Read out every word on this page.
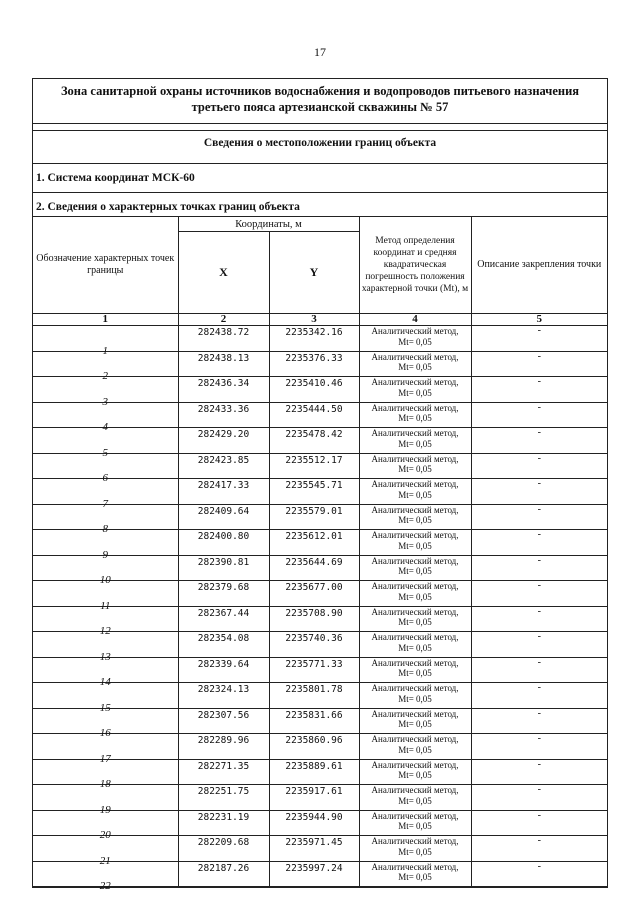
17
Зона санитарной охраны источников водоснабжения и водопроводов питьевого назначения третьего пояса артезианской скважины № 57
Сведения о местоположении границ объекта
1. Система координат МСК-60
2. Сведения о характерных точках границ объекта
Обозначение характерных точек границы	Координаты, м		Метод определения координат и средняя квадратическая погрешность положения характерной точки (Mt), м	Описание закрепления точки
	X	Y		
1	2	3	4	5
1	282438.72	2235342.16	Аналитический метод,
Mt= 0,05	-
2	282438.13	2235376.33	Аналитический метод,
Mt= 0,05	-
3	282436.34	2235410.46	Аналитический метод,
Mt= 0,05	-
4	282433.36	2235444.50	Аналитический метод,
Mt= 0,05	-
5	282429.20	2235478.42	Аналитический метод,
Mt= 0,05	-
6	282423.85	2235512.17	Аналитический метод,
Mt= 0,05	-
7	282417.33	2235545.71	Аналитический метод,
Mt= 0,05	-
8	282409.64	2235579.01	Аналитический метод,
Mt= 0,05	-
9	282400.80	2235612.01	Аналитический метод,
Mt= 0,05	-
10	282390.81	2235644.69	Аналитический метод,
Mt= 0,05	-
11	282379.68	2235677.00	Аналитический метод,
Mt= 0,05	-
12	282367.44	2235708.90	Аналитический метод,
Mt= 0,05	-
13	282354.08	2235740.36	Аналитический метод,
Mt= 0,05	-
14	282339.64	2235771.33	Аналитический метод,
Mt= 0,05	-
15	282324.13	2235801.78	Аналитический метод,
Mt= 0,05	-
16	282307.56	2235831.66	Аналитический метод,
Mt= 0,05	-
17	282289.96	2235860.96	Аналитический метод,
Mt= 0,05	-
18	282271.35	2235889.61	Аналитический метод,
Mt= 0,05	-
19	282251.75	2235917.61	Аналитический метод,
Mt= 0,05	-
20	282231.19	2235944.90	Аналитический метод,
Mt= 0,05	-
21	282209.68	2235971.45	Аналитический метод,
Mt= 0,05	-
22	282187.26	2235997.24	Аналитический метод,
Mt= 0,05	-
